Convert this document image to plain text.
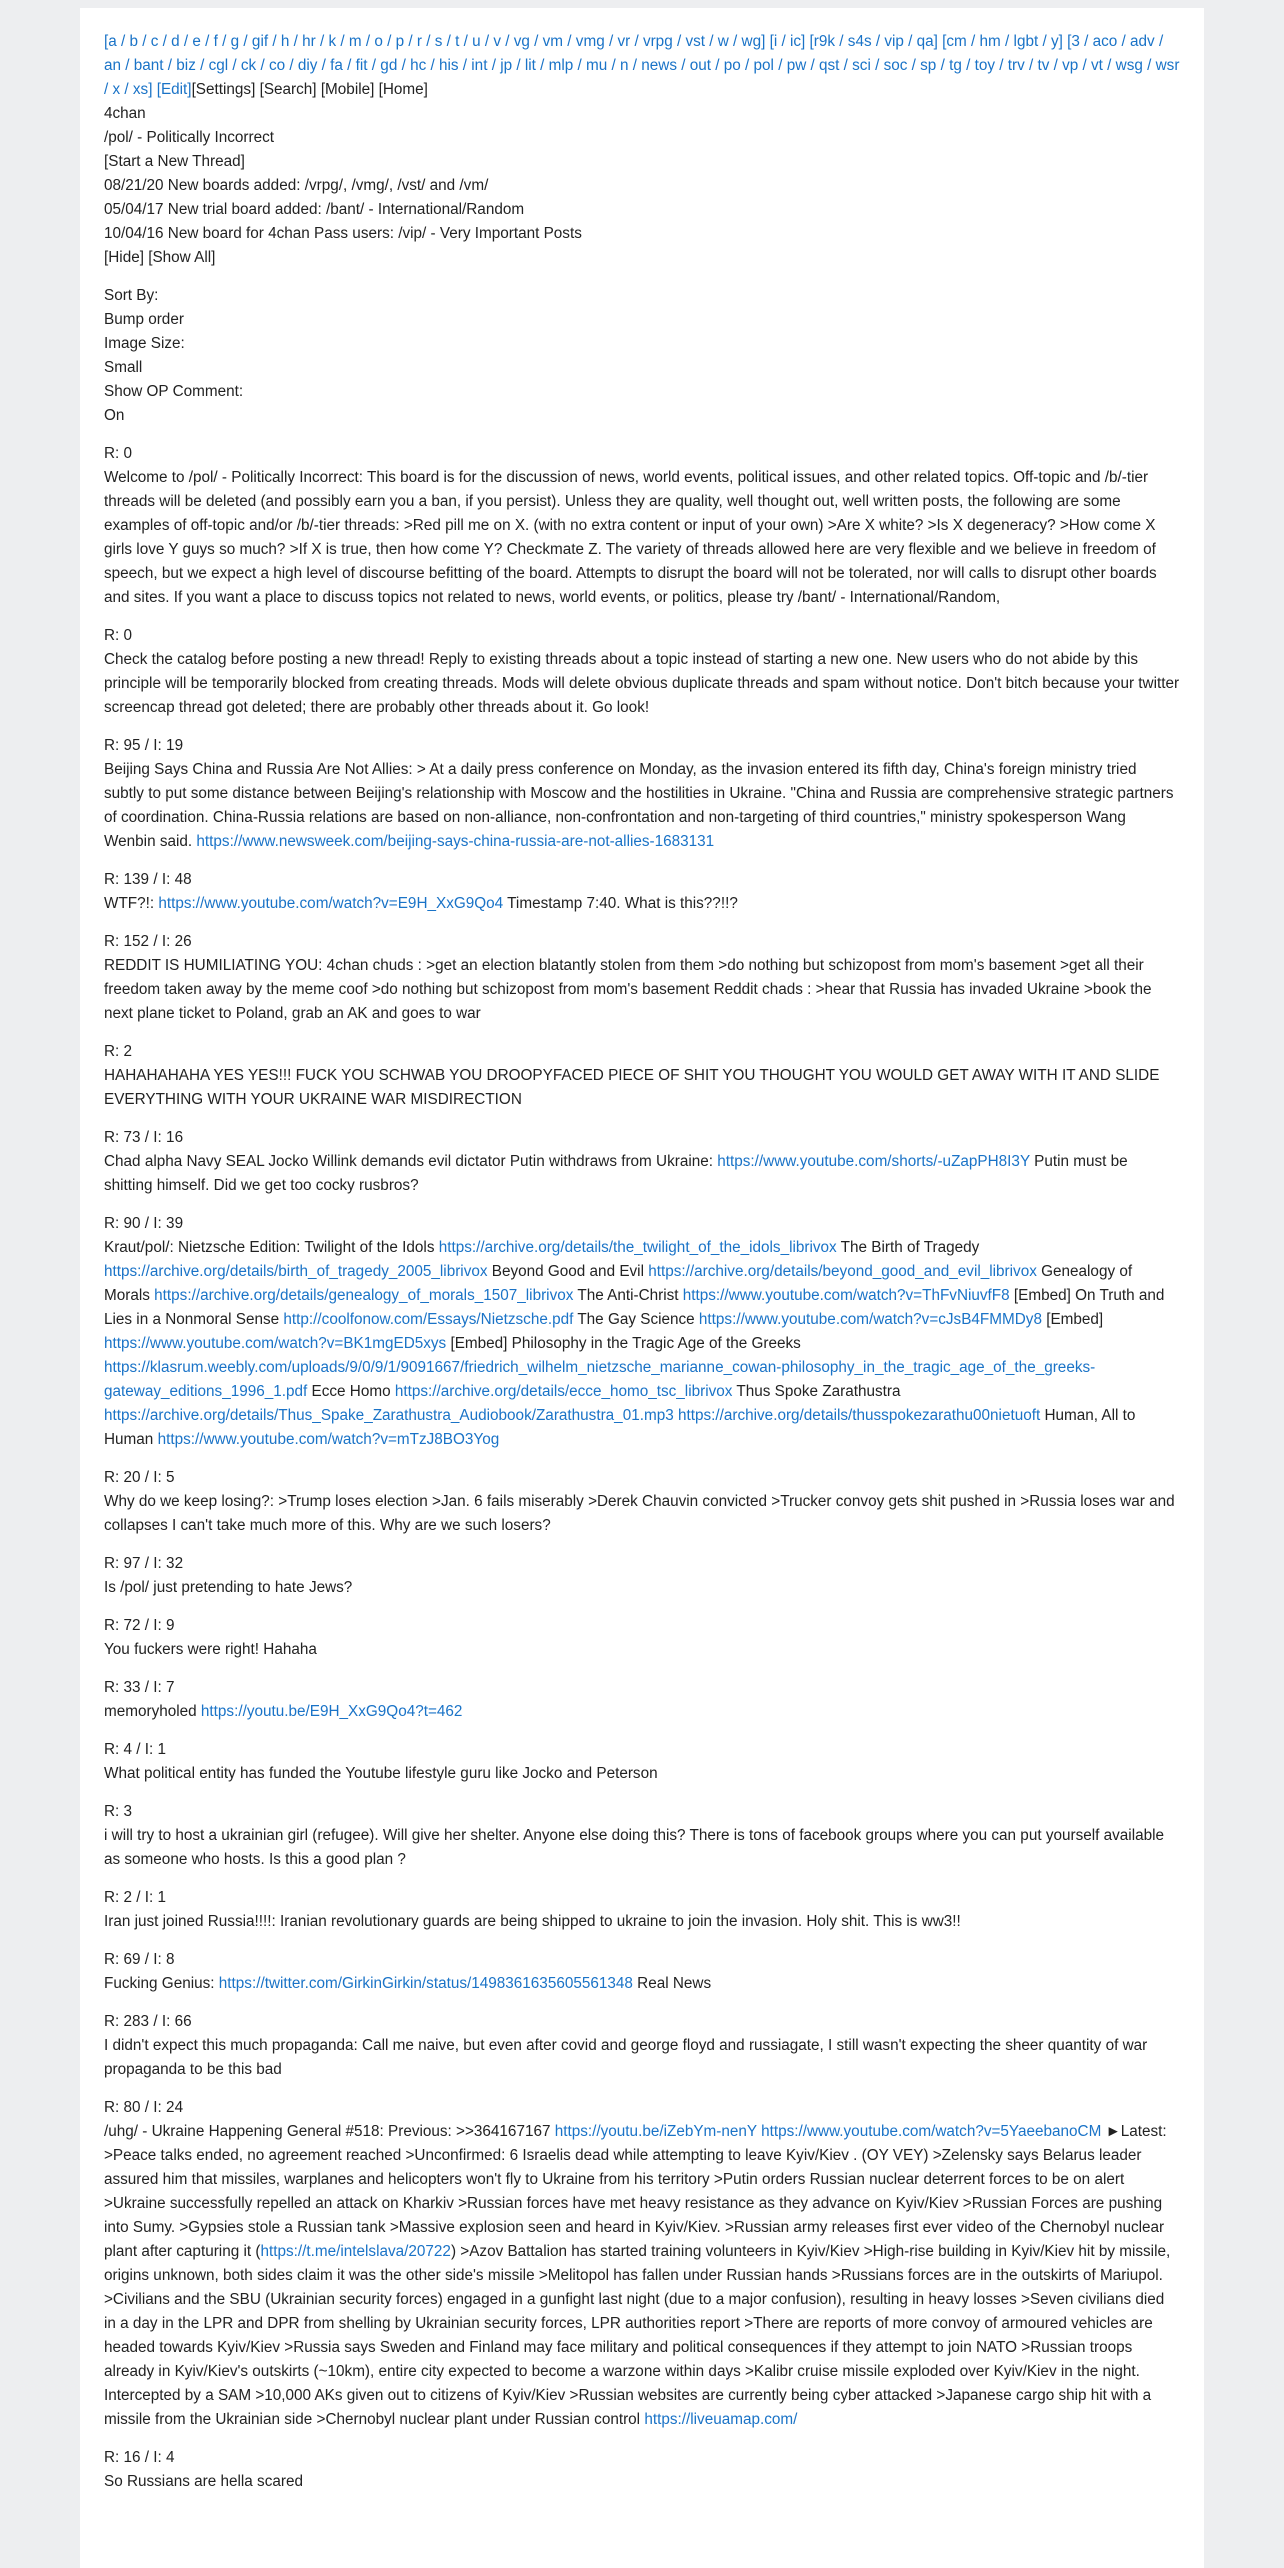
[a / b / c / d / e / f / g / gif / h / hr / k / m / o / p / r / s / t / u / v / vg / vm / vmg / vr / vrpg / vst / w / wg] [i / ic] [r9k / s4s / vip / qa] [cm / hm / lgbt / y] [3 / aco / adv / an / bant / biz / cgl / ck / co / diy / fa / fit / gd / hc / his / int / jp / lit / mlp / mu / n / news / out / po / pol / pw / qst / sci / soc / sp / tg / toy / trv / tv / vp / vt / wsg / wsr / x / xs] [Edit][Settings] [Search] [Mobile] [Home]
4chan
/pol/ - Politically Incorrect
[Start a New Thread]
08/21/20 New boards added: /vrpg/, /vmg/, /vst/ and /vm/
05/04/17 New trial board added: /bant/ - International/Random
10/04/16 New board for 4chan Pass users: /vip/ - Very Important Posts
[Hide] [Show All]
Sort By:
Bump order
Image Size:
Small
Show OP Comment:
On
R: 0
Welcome to /pol/ - Politically Incorrect: This board is for the discussion of news, world events, political issues, and other related topics. Off-topic and /b/-tier threads will be deleted (and possibly earn you a ban, if you persist). Unless they are quality, well thought out, well written posts, the following are some examples of off-topic and/or /b/-tier threads: >Red pill me on X. (with no extra content or input of your own) >Are X white? >Is X degeneracy? >How come X girls love Y guys so much? >If X is true, then how come Y? Checkmate Z. The variety of threads allowed here are very flexible and we believe in freedom of speech, but we expect a high level of discourse befitting of the board. Attempts to disrupt the board will not be tolerated, nor will calls to disrupt other boards and sites. If you want a place to discuss topics not related to news, world events, or politics, please try /bant/ - International/Random,
R: 0
Check the catalog before posting a new thread! Reply to existing threads about a topic instead of starting a new one. New users who do not abide by this principle will be temporarily blocked from creating threads. Mods will delete obvious duplicate threads and spam without notice. Don't bitch because your twitter screencap thread got deleted; there are probably other threads about it. Go look!
R: 95 / I: 19
Beijing Says China and Russia Are Not Allies: > At a daily press conference on Monday, as the invasion entered its fifth day, China's foreign ministry tried subtly to put some distance between Beijing's relationship with Moscow and the hostilities in Ukraine. "China and Russia are comprehensive strategic partners of coordination. China-Russia relations are based on non-alliance, non-confrontation and non-targeting of third countries," ministry spokesperson Wang Wenbin said. https://www.newsweek.com/beijing-says-china-russia-are-not-allies-1683131
R: 139 / I: 48
WTF?!: https://www.youtube.com/watch?v=E9H_XxG9Qo4 Timestamp 7:40. What is this??!!?
R: 152 / I: 26
REDDIT IS HUMILIATING YOU: 4chan chuds : >get an election blatantly stolen from them >do nothing but schizopost from mom's basement >get all their freedom taken away by the meme coof >do nothing but schizopost from mom's basement Reddit chads : >hear that Russia has invaded Ukraine >book the next plane ticket to Poland, grab an AK and goes to war
R: 2
HAHAHAHAHA YES YES!!! FUCK YOU SCHWAB YOU DROOPYFACED PIECE OF SHIT YOU THOUGHT YOU WOULD GET AWAY WITH IT AND SLIDE EVERYTHING WITH YOUR UKRAINE WAR MISDIRECTION
R: 73 / I: 16
Chad alpha Navy SEAL Jocko Willink demands evil dictator Putin withdraws from Ukraine: https://www.youtube.com/shorts/-uZapPH8I3Y Putin must be shitting himself. Did we get too cocky rusbros?
R: 90 / I: 39
Kraut/pol/: Nietzsche Edition: Twilight of the Idols https://archive.org/details/the_twilight_of_the_idols_librivox The Birth of Tragedy https://archive.org/details/birth_of_tragedy_2005_librivox Beyond Good and Evil https://archive.org/details/beyond_good_and_evil_librivox Genealogy of Morals https://archive.org/details/genealogy_of_morals_1507_librivox The Anti-Christ https://www.youtube.com/watch?v=ThFvNiuvfF8 [Embed] On Truth and Lies in a Nonmoral Sense http://coolfonow.com/Essays/Nietzsche.pdf The Gay Science https://www.youtube.com/watch?v=cJsB4FMMDy8 [Embed] https://www.youtube.com/watch?v=BK1mgED5xys [Embed] Philosophy in the Tragic Age of the Greeks https://klasrum.weebly.com/uploads/9/0/9/1/9091667/friedrich_wilhelm_nietzsche_marianne_cowan-philosophy_in_the_tragic_age_of_the_greeks-gateway_editions_1996_1.pdf Ecce Homo https://archive.org/details/ecce_homo_tsc_librivox Thus Spoke Zarathustra https://archive.org/details/Thus_Spake_Zarathustra_Audiobook/Zarathustra_01.mp3 https://archive.org/details/thusspokezarathu00nietuoft Human, All to Human https://www.youtube.com/watch?v=mTzJ8BO3Yog
R: 20 / I: 5
Why do we keep losing?: >Trump loses election >Jan. 6 fails miserably >Derek Chauvin convicted >Trucker convoy gets shit pushed in >Russia loses war and collapses I can't take much more of this. Why are we such losers?
R: 97 / I: 32
Is /pol/ just pretending to hate Jews?
R: 72 / I: 9
You fuckers were right! Hahaha
R: 33 / I: 7
memoryholed https://youtu.be/E9H_XxG9Qo4?t=462
R: 4 / I: 1
What political entity has funded the Youtube lifestyle guru like Jocko and Peterson
R: 3
i will try to host a ukrainian girl (refugee). Will give her shelter. Anyone else doing this? There is tons of facebook groups where you can put yourself available as someone who hosts. Is this a good plan ?
R: 2 / I: 1
Iran just joined Russia!!!!: Iranian revolutionary guards are being shipped to ukraine to join the invasion. Holy shit. This is ww3!!
R: 69 / I: 8
Fucking Genius: https://twitter.com/GirkinGirkin/status/1498361635605561348 Real News
R: 283 / I: 66
I didn't expect this much propaganda: Call me naive, but even after covid and george floyd and russiagate, I still wasn't expecting the sheer quantity of war propaganda to be this bad
R: 80 / I: 24
/uhg/ - Ukraine Happening General #518: Previous: >>364167167 https://youtu.be/iZebYm-nenY https://www.youtube.com/watch?v=5YaeebanoCM ►Latest: >Peace talks ended, no agreement reached >Unconfirmed: 6 Israelis dead while attempting to leave Kyiv/Kiev . (OY VEY) >Zelensky says Belarus leader assured him that missiles, warplanes and helicopters won't fly to Ukraine from his territory >Putin orders Russian nuclear deterrent forces to be on alert >Ukraine successfully repelled an attack on Kharkiv >Russian forces have met heavy resistance as they advance on Kyiv/Kiev >Russian Forces are pushing into Sumy. >Gypsies stole a Russian tank >Massive explosion seen and heard in Kyiv/Kiev. >Russian army releases first ever video of the Chernobyl nuclear plant after capturing it (https://t.me/intelslava/20722) >Azov Battalion has started training volunteers in Kyiv/Kiev >High-rise building in Kyiv/Kiev hit by missile, origins unknown, both sides claim it was the other side's missile >Melitopol has fallen under Russian hands >Russians forces are in the outskirts of Mariupol. >Civilians and the SBU (Ukrainian security forces) engaged in a gunfight last night (due to a major confusion), resulting in heavy losses >Seven civilians died in a day in the LPR and DPR from shelling by Ukrainian security forces, LPR authorities report >There are reports of more convoy of armoured vehicles are headed towards Kyiv/Kiev >Russia says Sweden and Finland may face military and political consequences if they attempt to join NATO >Russian troops already in Kyiv/Kiev's outskirts (~10km), entire city expected to become a warzone within days >Kalibr cruise missile exploded over Kyiv/Kiev in the night. Intercepted by a SAM >10,000 AKs given out to citizens of Kyiv/Kiev >Russian websites are currently being cyber attacked >Japanese cargo ship hit with a missile from the Ukrainian side >Chernobyl nuclear plant under Russian control https://liveuamap.com/
R: 16 / I: 4
So Russians are hella scared
